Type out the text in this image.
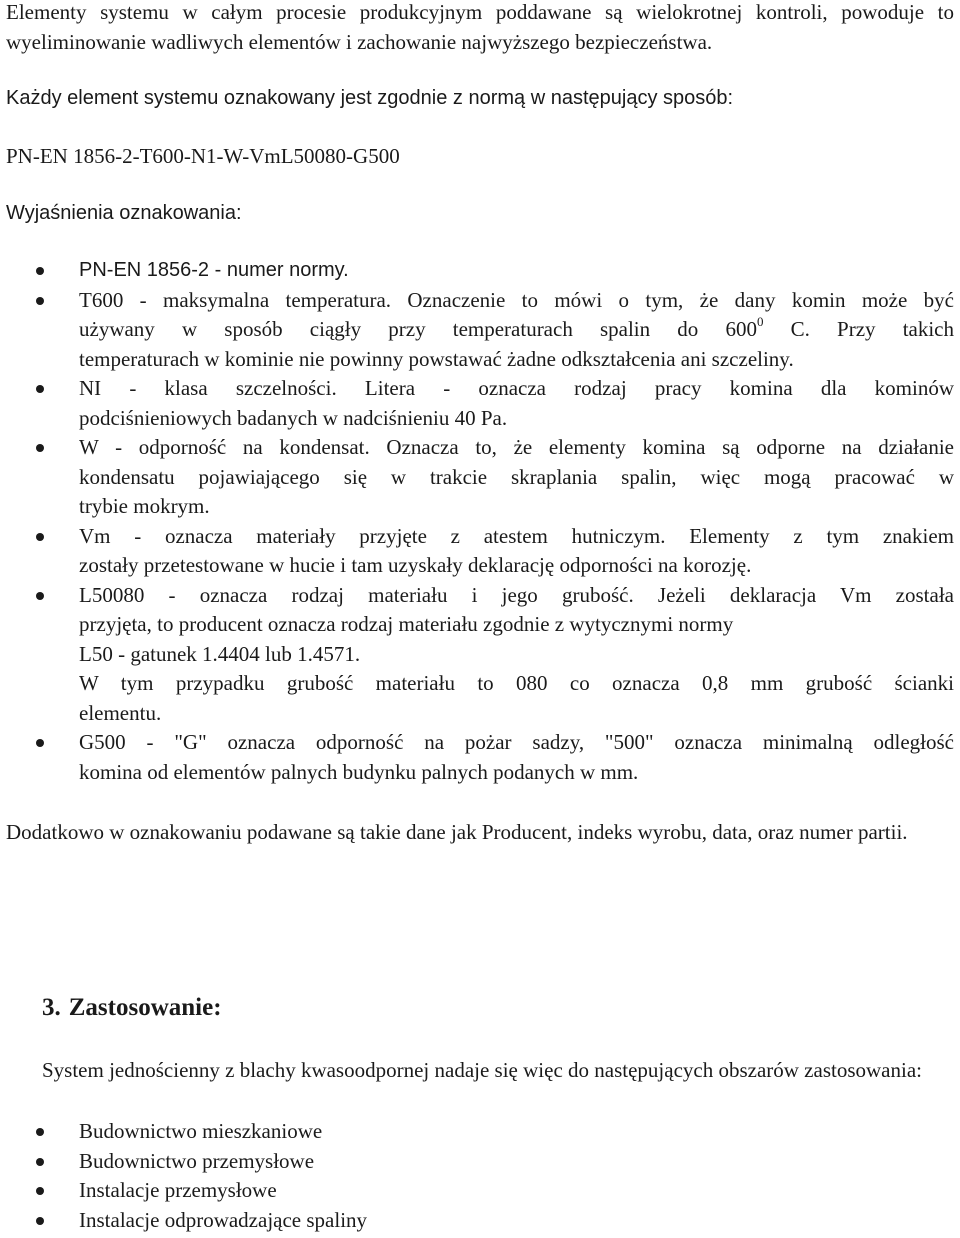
Elementy systemu w całym procesie produkcyjnym poddawane są wielokrotnej kontroli, powoduje to wyeliminowanie wadliwych elementów i zachowanie najwyższego bezpieczeństwa.

Każdy element systemu oznakowany jest zgodnie z normą w następujący sposób:

PN-EN 1856-2-T600-N1-W-VmL50080-G500

Wyjaśnienia oznakowania:

PN-EN 1856-2 - numer normy.
T600 - maksymalna temperatura. Oznaczenie to mówi o tym, że dany komin może być
używany w sposób ciągły przy temperaturach spalin do $600^0$ C. Przy takich
temperaturach w kominie nie powinny powstawać żadne odkształcenia ani szczeliny.
NI - klasa szczelności. Litera - oznacza rodzaj pracy komina dla kominów
podciśnieniowych badanych w nadciśnieniu 40 Pa.
W - odporność na kondensat. Oznacza to, że elementy komina są odporne na działanie
kondensatu pojawiającego się w trakcie skraplania spalin, więc mogą pracować w
trybie mokrym.
Vm - oznacza materiały przyjęte z atestem hutniczym. Elementy z tym znakiem
zostały przetestowane w hucie i tam uzyskały deklarację odporności na korozję.
L50080 - oznacza rodzaj materiału i jego grubość. Jeżeli deklaracja Vm została
przyjęta, to producent oznacza rodzaj materiału zgodnie z wytycznymi normy
L50 - gatunek 1.4404 lub 1.4571.
W tym przypadku grubość materiału to 080 co oznacza 0,8 mm grubość ścianki
elementu.
G500 - "G" oznacza odporność na pożar sadzy, "500" oznacza minimalną odległość
komina od elementów palnych budynku palnych podanych w mm.

Dodatkowo w oznakowaniu podawane są takie dane jak Producent, indeks wyrobu, data, oraz numer partii.

3. Zastosowanie:

System jednościenny z blachy kwasoodpornej nadaje się więc do następujących obszarów zastosowania:

Budownictwo mieszkaniowe
Budownictwo przemysłowe
Instalacje przemysłowe
Instalacje odprowadzające spaliny
